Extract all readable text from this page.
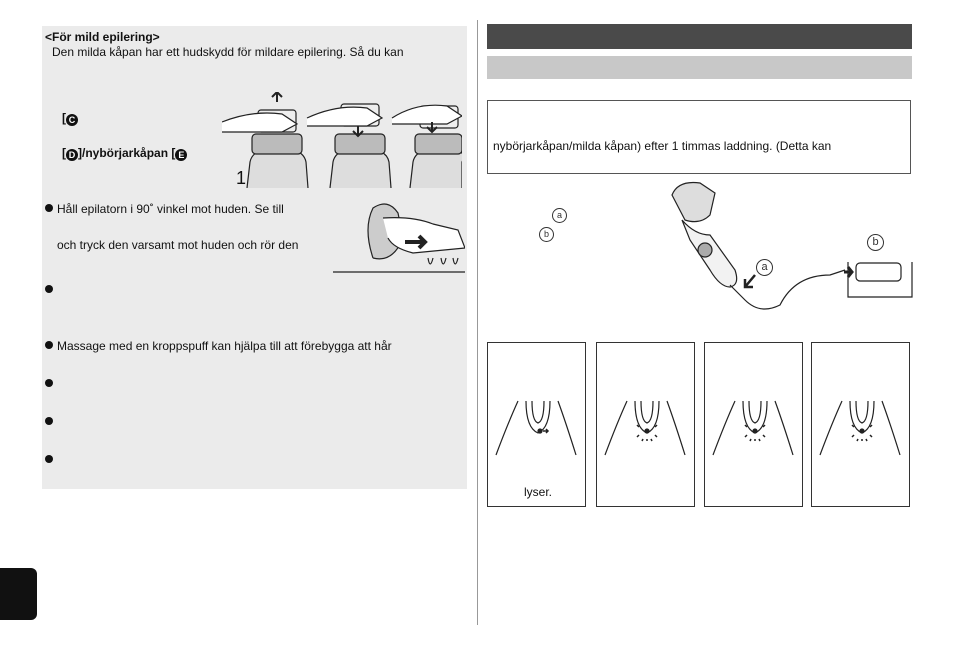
<För mild epilering>
Den milda kåpan har ett hudskydd för mildare epilering. Så du kan
[ C
[ D ]/nybörjarkåpan [ E
1
Håll epilatorn i 90˚ vinkel mot huden. Se till
och tryck den varsamt mot huden och rör den
Massage med en kroppspuff kan hjälpa till att förebygga att hår
nybörjarkåpan/milda kåpan) efter 1 timmas laddning. (Detta kan
a
b
a
b
lyser.
